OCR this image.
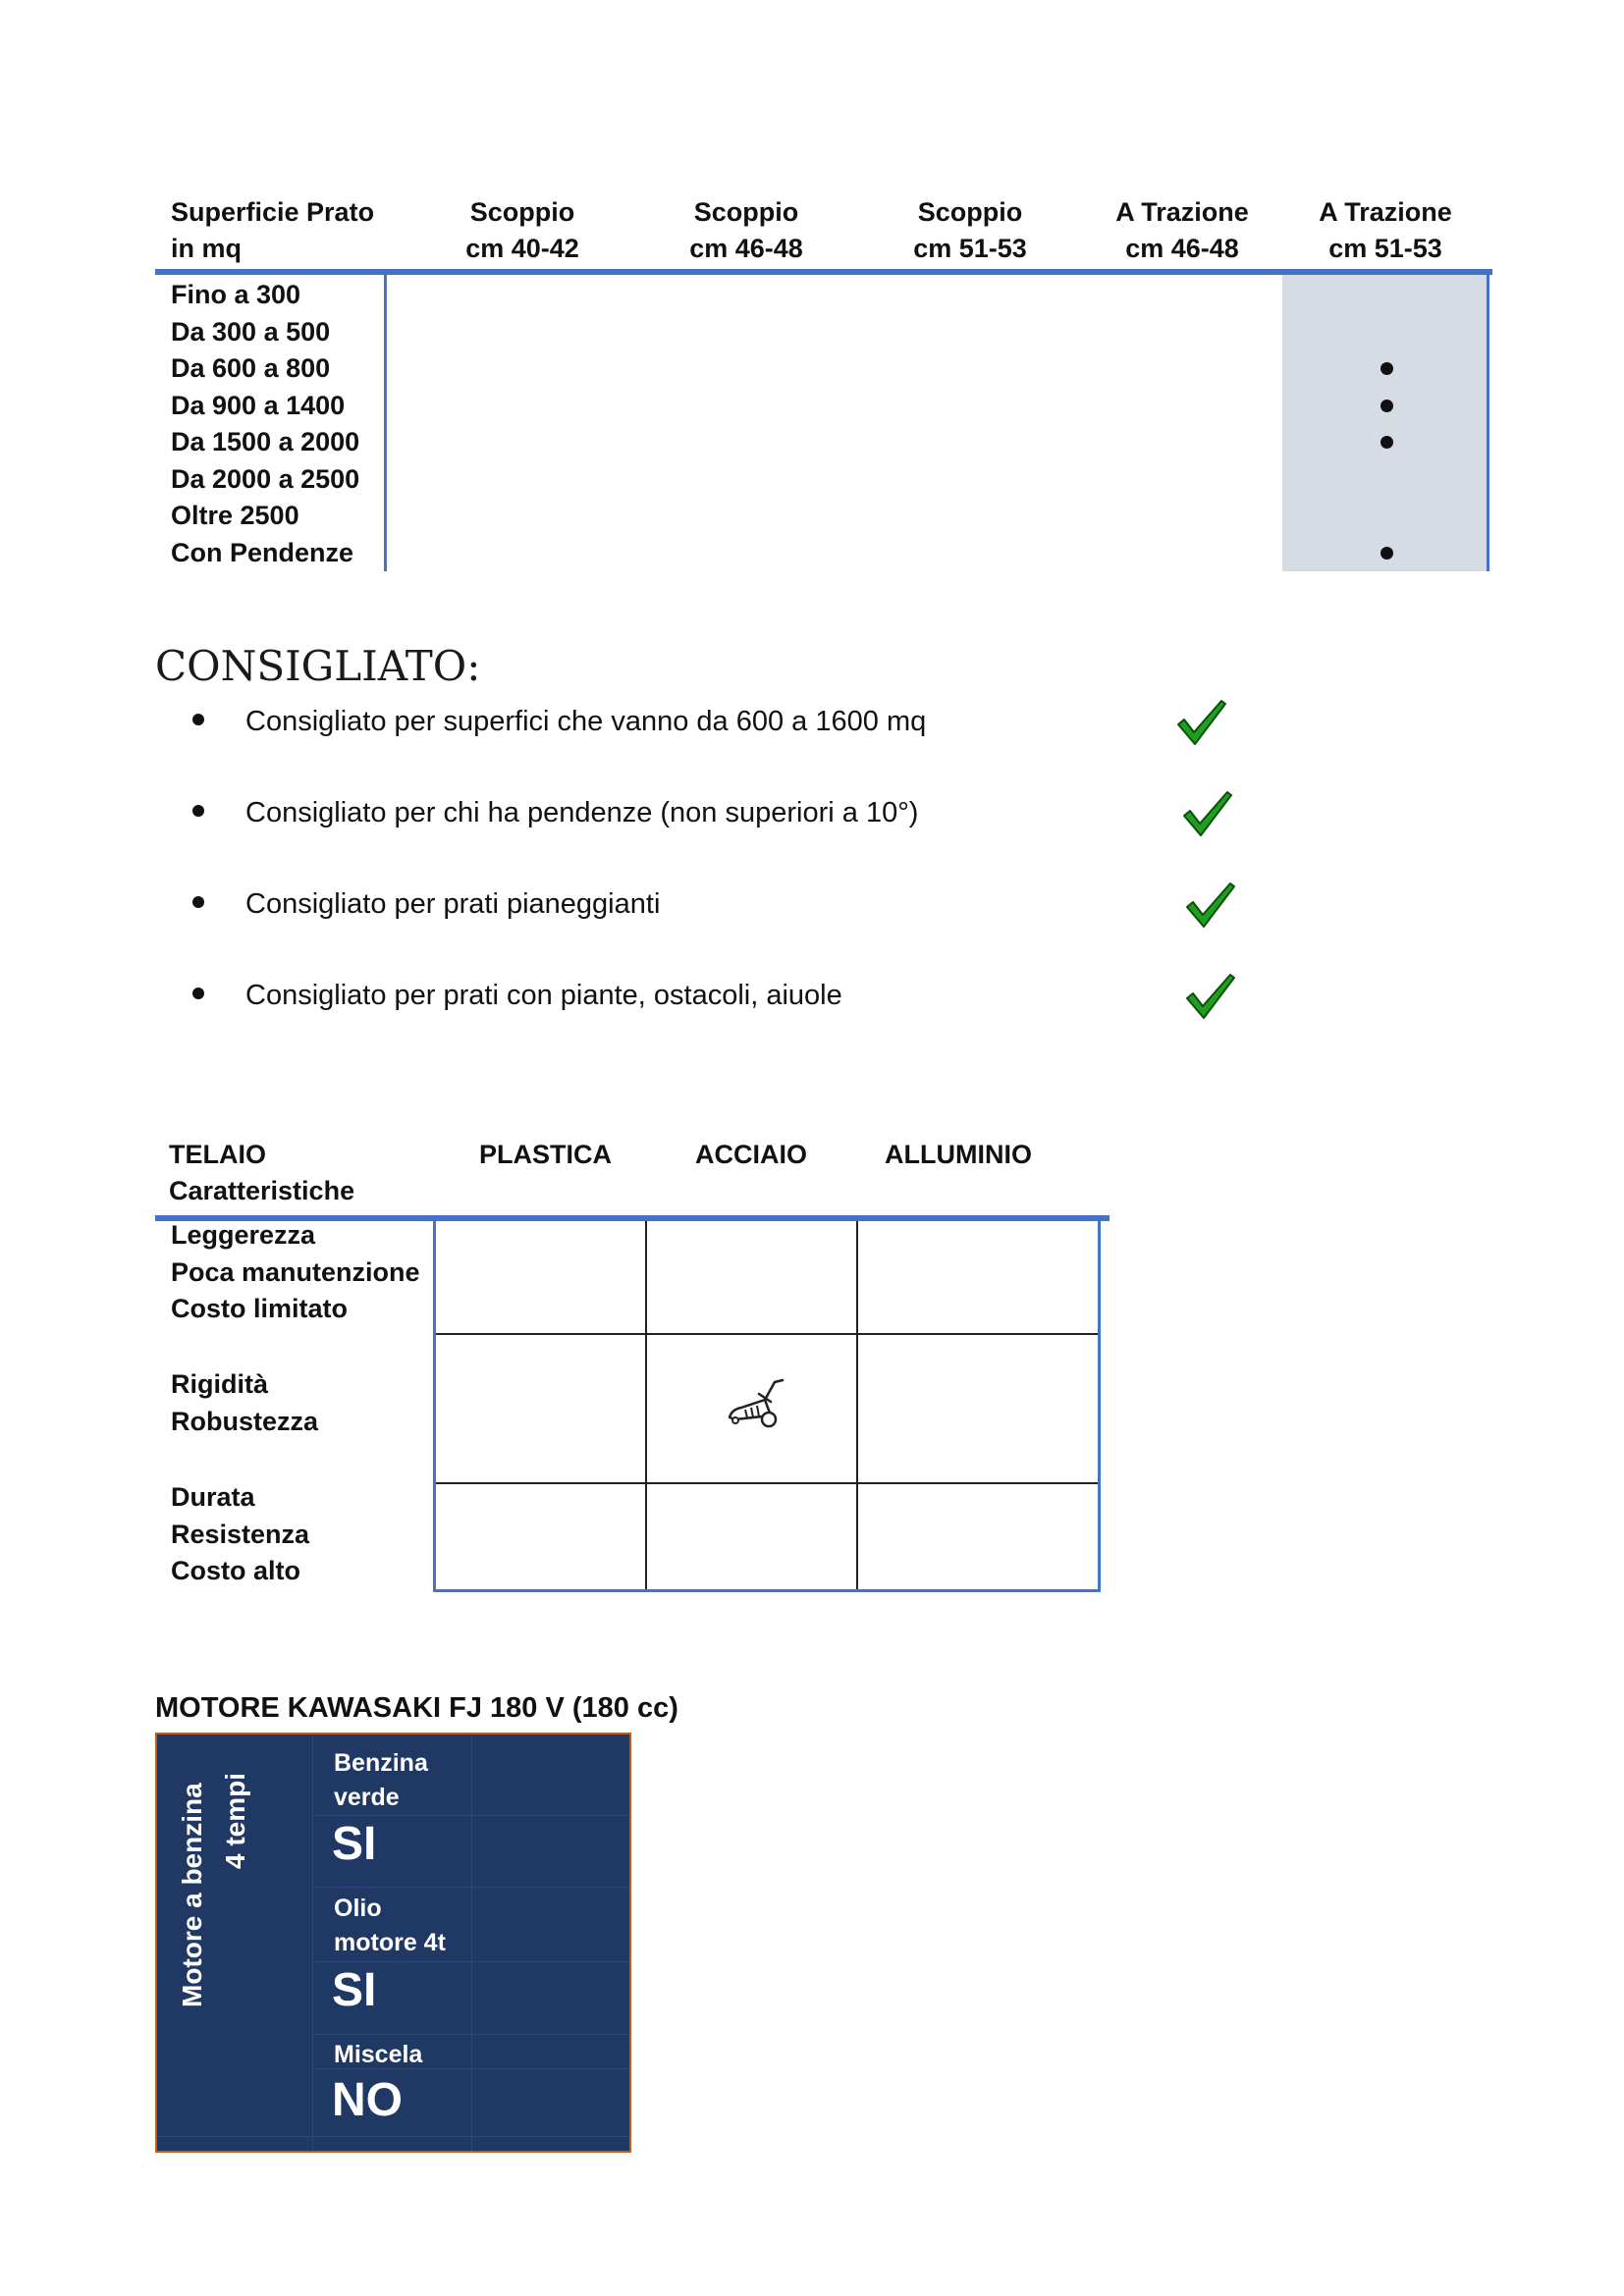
Superficie Prato
in mq
Scoppio
cm 40-42
Scoppio
cm 46-48
Scoppio
cm 51-53
A Trazione
cm 46-48
A Trazione
cm 51-53
Fino a 300
Da 300 a 500
Da 600 a 800
Da 900 a 1400
Da 1500 a 2000
Da 2000 a 2500
Oltre 2500
Con Pendenze
CONSIGLIATO:
Consigliato per superfici che vanno da 600 a 1600 mq
Consigliato per chi ha pendenze (non superiori a 10°)
Consigliato per prati pianeggianti
Consigliato per prati con piante, ostacoli, aiuole
TELAIO
Caratteristiche
PLASTICA	ACCIAIO	ALLUMINIO
Leggerezza
Poca manutenzione
Costo limitato
Rigidità
Robustezza
Durata
Resistenza
Costo alto
MOTORE KAWASAKI FJ 180 V (180 cc)
Motore a benzina 4 tempi
Benzina
verde
SI
Olio
motore 4t
SI
Miscela
NO
